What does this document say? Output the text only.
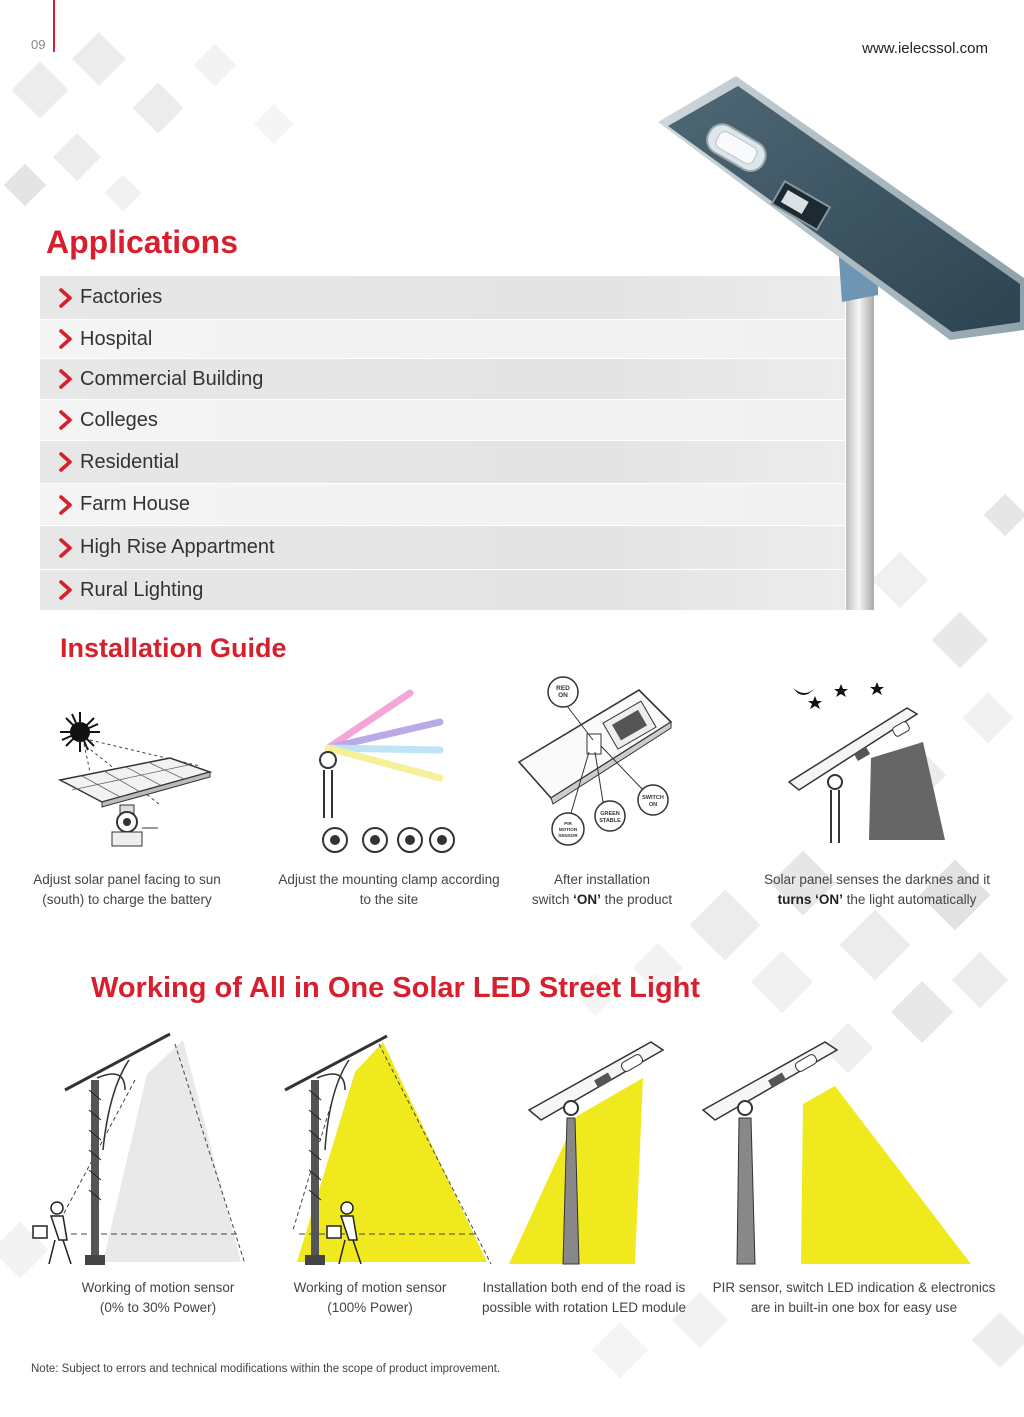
09	www.ielecssol.com
Applications
Factories
Hospital
Commercial Building
Colleges
Residential
Farm House
High Rise Appartment
Rural Lighting
Installation Guide
RED
ON
GREEN
STABLE
SWITCH
ON
PIR
MOTION
SENSOR
Adjust solar panel facing to sun
(south) to charge the battery
Adjust the mounting clamp according
to the site
After installation
switch ‘ON’ the product
Solar panel senses the darknes and it
turns ‘ON’ the light automatically
Working of All in One Solar LED Street Light
Working of motion sensor
(0% to 30% Power)
Working of motion sensor
(100% Power)
Installation both end of the road is
possible with rotation LED module
PIR sensor, switch LED indication & electronics
are in built-in one box for easy use
Note: Subject to errors and technical modifications within the scope of product improvement.
